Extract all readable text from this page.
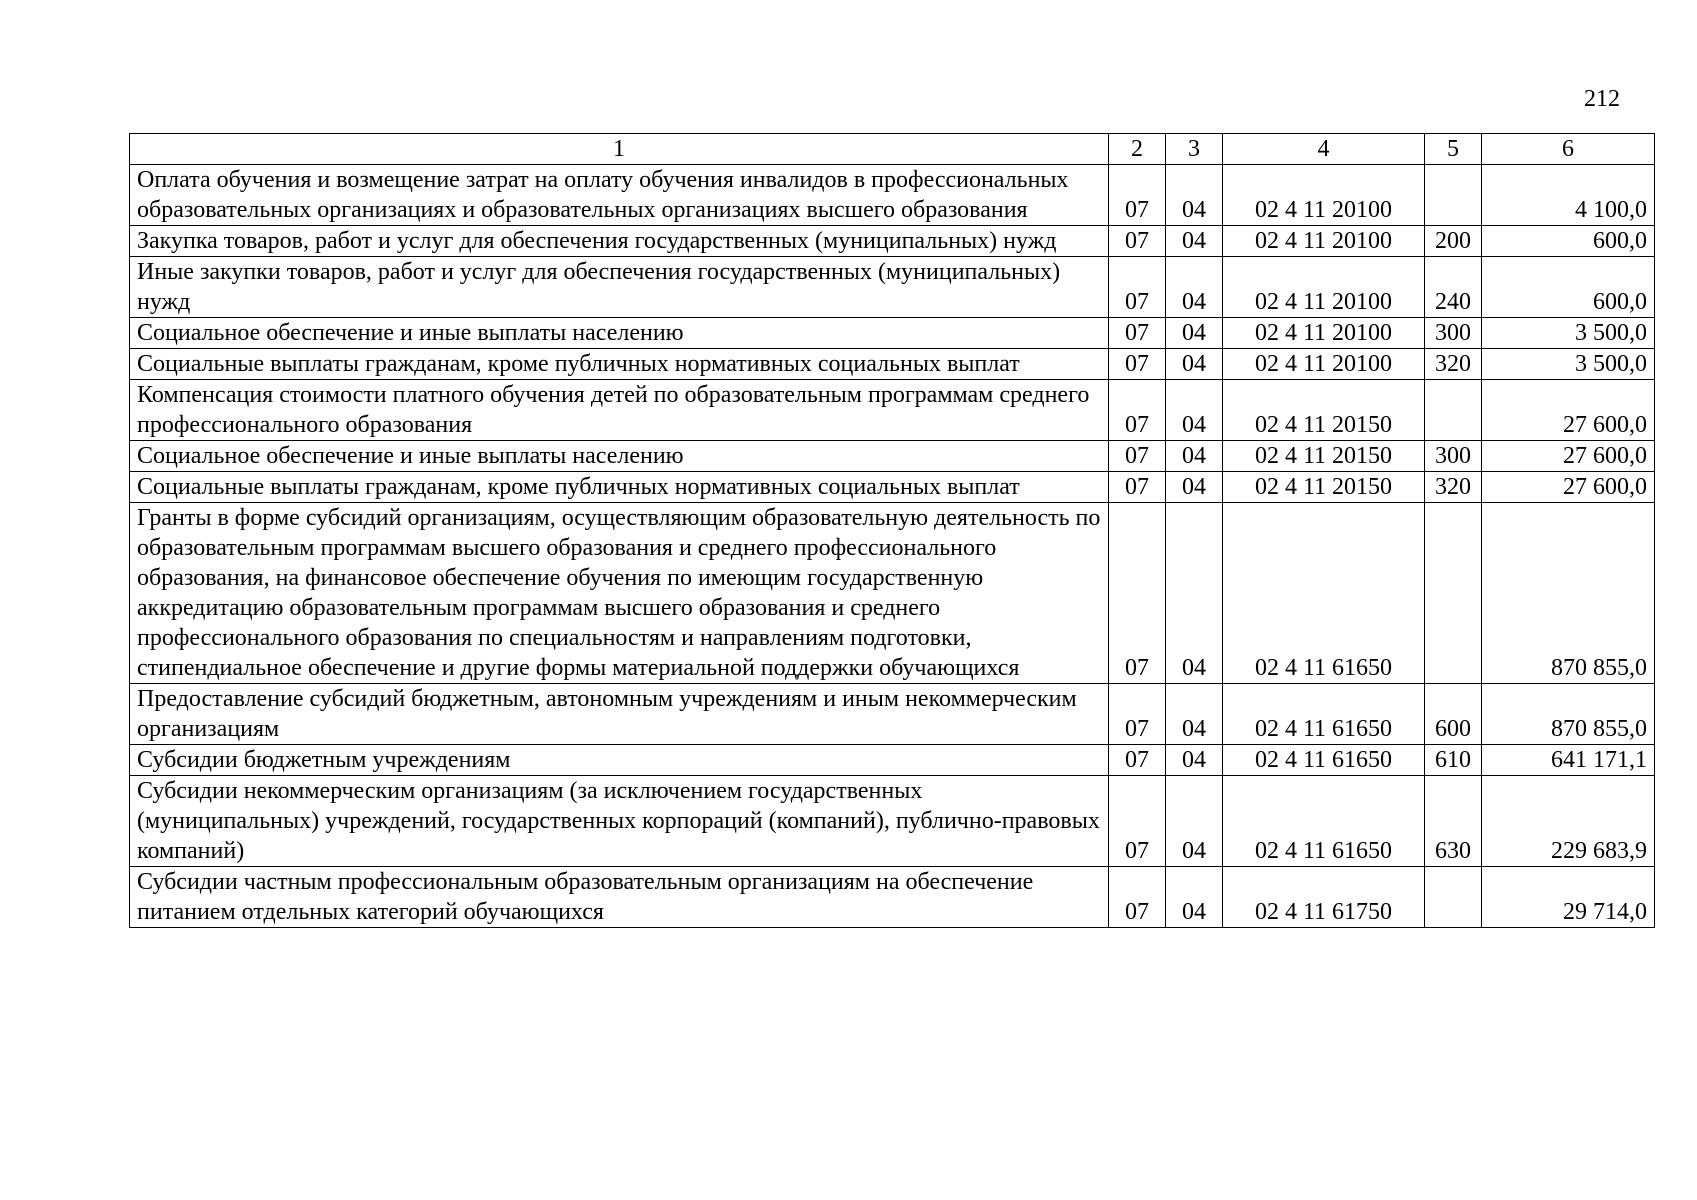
212
1	2	3	4	5	6
Оплата обучения и возмещение затрат на оплату обучения инвалидов в профессиональных образовательных организациях и образовательных организациях высшего образования	07	04	02 4 11 20100		4 100,0
Закупка товаров, работ и услуг для обеспечения государственных (муниципальных) нужд	07	04	02 4 11 20100	200	600,0
Иные закупки товаров, работ и услуг для обеспечения государственных (муниципальных) нужд	07	04	02 4 11 20100	240	600,0
Социальное обеспечение и иные выплаты населению	07	04	02 4 11 20100	300	3 500,0
Социальные выплаты гражданам, кроме публичных нормативных социальных выплат	07	04	02 4 11 20100	320	3 500,0
Компенсация стоимости платного обучения детей по образовательным программам среднего профессионального образования	07	04	02 4 11 20150		27 600,0
Социальное обеспечение и иные выплаты населению	07	04	02 4 11 20150	300	27 600,0
Социальные выплаты гражданам, кроме публичных нормативных социальных выплат	07	04	02 4 11 20150	320	27 600,0
Гранты в форме субсидий организациям, осуществляющим образовательную деятельность по образовательным программам высшего образования и среднего профессионального образования, на финансовое обеспечение обучения по имеющим государственную аккредитацию образовательным программам высшего образования и среднего профессионального образования по специальностям и направлениям подготовки, стипендиальное обеспечение и другие формы материальной поддержки обучающихся	07	04	02 4 11 61650		870 855,0
Предоставление субсидий бюджетным, автономным учреждениям и иным некоммерческим организациям	07	04	02 4 11 61650	600	870 855,0
Субсидии бюджетным учреждениям	07	04	02 4 11 61650	610	641 171,1
Субсидии некоммерческим организациям (за исключением государственных (муниципальных) учреждений, государственных корпораций (компаний), публично-правовых компаний)	07	04	02 4 11 61650	630	229 683,9
Субсидии частным профессиональным образовательным организациям на обеспечение питанием отдельных категорий обучающихся	07	04	02 4 11 61750		29 714,0
